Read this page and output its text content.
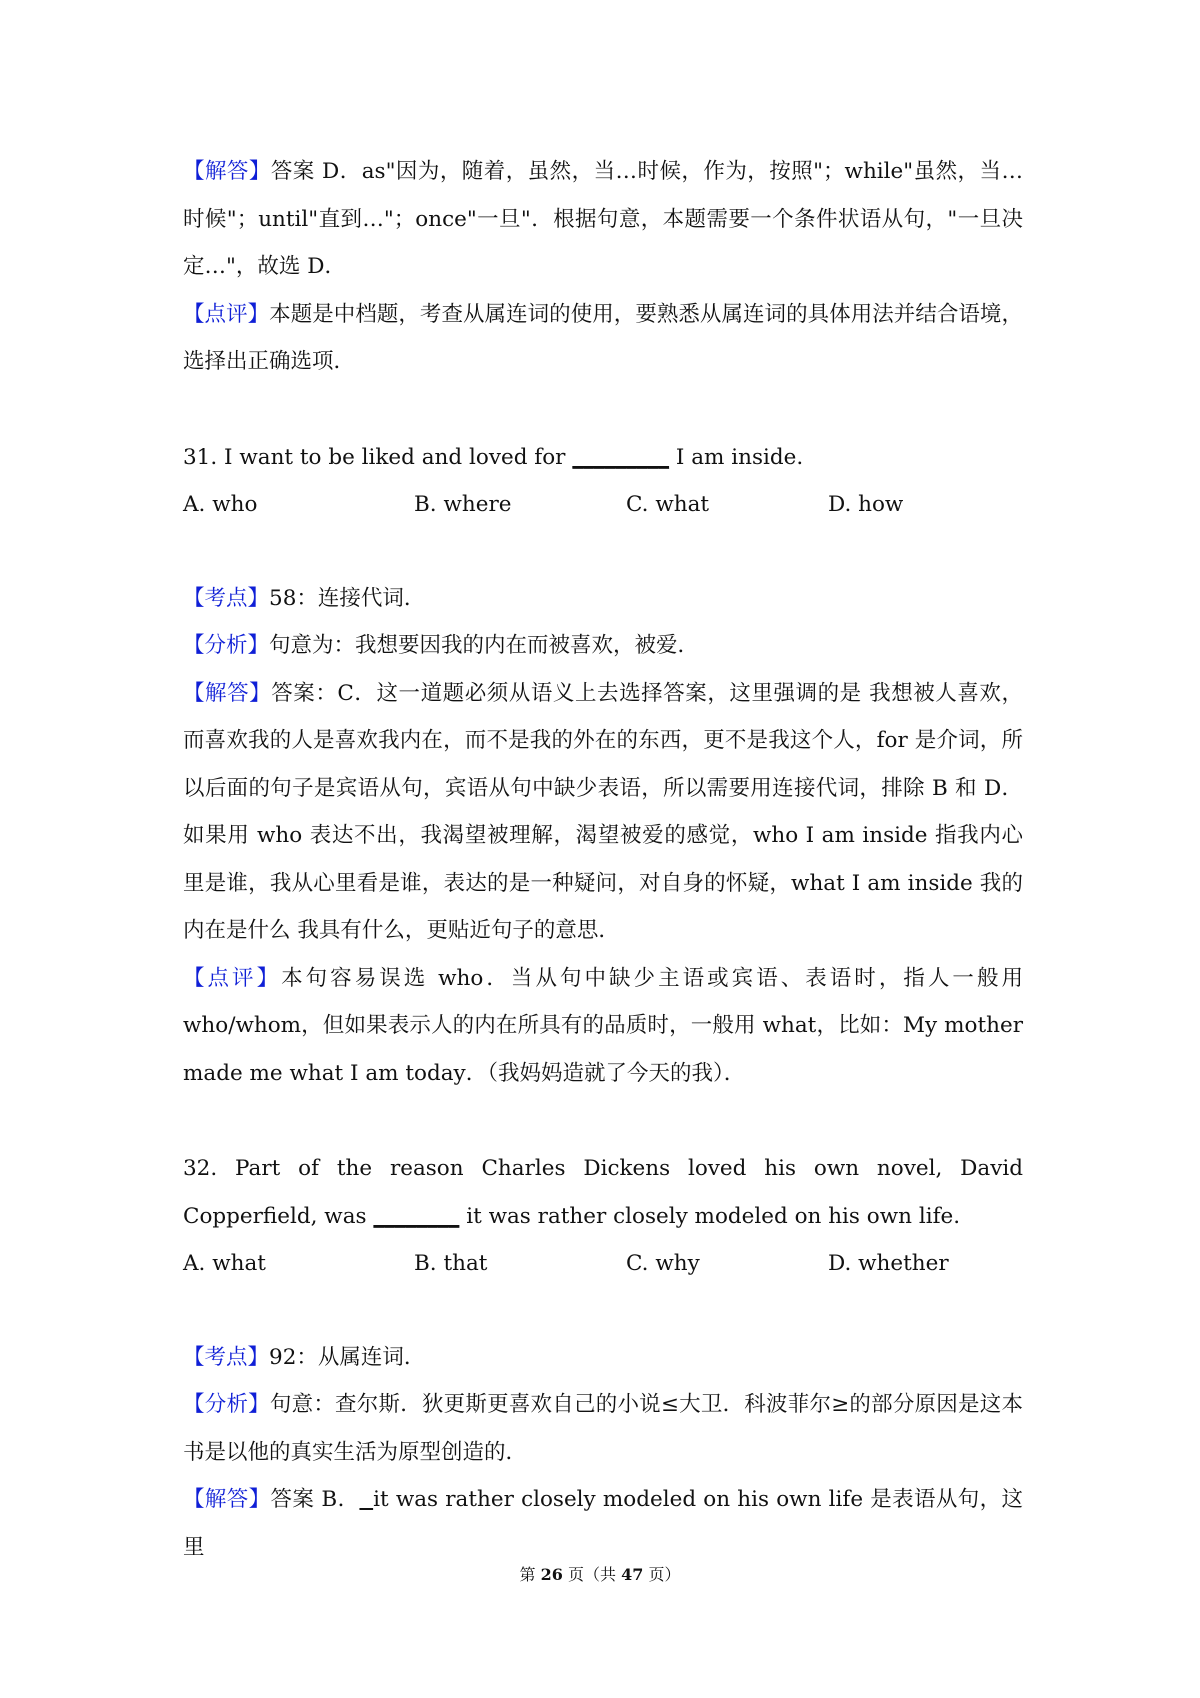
【解答】答案 D．as"因为，随着，虽然，当…时候，作为，按照"；while"虽然，当…时候"；until"直到…"；once"一旦"．根据句意，本题需要一个条件状语从句，"一旦决定…"，故选 D．

【点评】本题是中档题，考查从属连词的使用，要熟悉从属连词的具体用法并结合语境，选择出正确选项．

31. I want to be liked and loved for _________ I am inside.

A. who	B. where	C. what	D. how

【考点】58：连接代词．

【分析】句意为：我想要因我的内在而被喜欢，被爱．

【解答】答案：C．这一道题必须从语义上去选择答案，这里强调的是 我想被人喜欢，而喜欢我的人是喜欢我内在，而不是我的外在的东西，更不是我这个人，for 是介词，所以后面的句子是宾语从句，宾语从句中缺少表语，所以需要用连接代词，排除 B 和 D．如果用 who 表达不出，我渴望被理解，渴望被爱的感觉，who I am inside 指我内心里是谁，我从心里看是谁，表达的是一种疑问，对自身的怀疑，what I am inside 我的内在是什么 我具有什么，更贴近句子的意思．

【点评】本句容易误选 who．当从句中缺少主语或宾语、表语时，指人一般用 who/whom，但如果表示人的内在所具有的品质时，一般用 what，比如：My mother made me what I am today．（我妈妈造就了今天的我）．

32. Part of the reason Charles Dickens loved his own novel, David Copperfield, was ________ it was rather closely modeled on his own life.

A. what	B. that	C. why	D. whether

【考点】92：从属连词．

【分析】句意：查尔斯．狄更斯更喜欢自己的小说≤大卫．科波菲尔≥的部分原因是这本书是以他的真实生活为原型创造的．

【解答】答案 B． it was rather closely modeled on his own life 是表语从句，这里

第 26 页（共 47 页）
